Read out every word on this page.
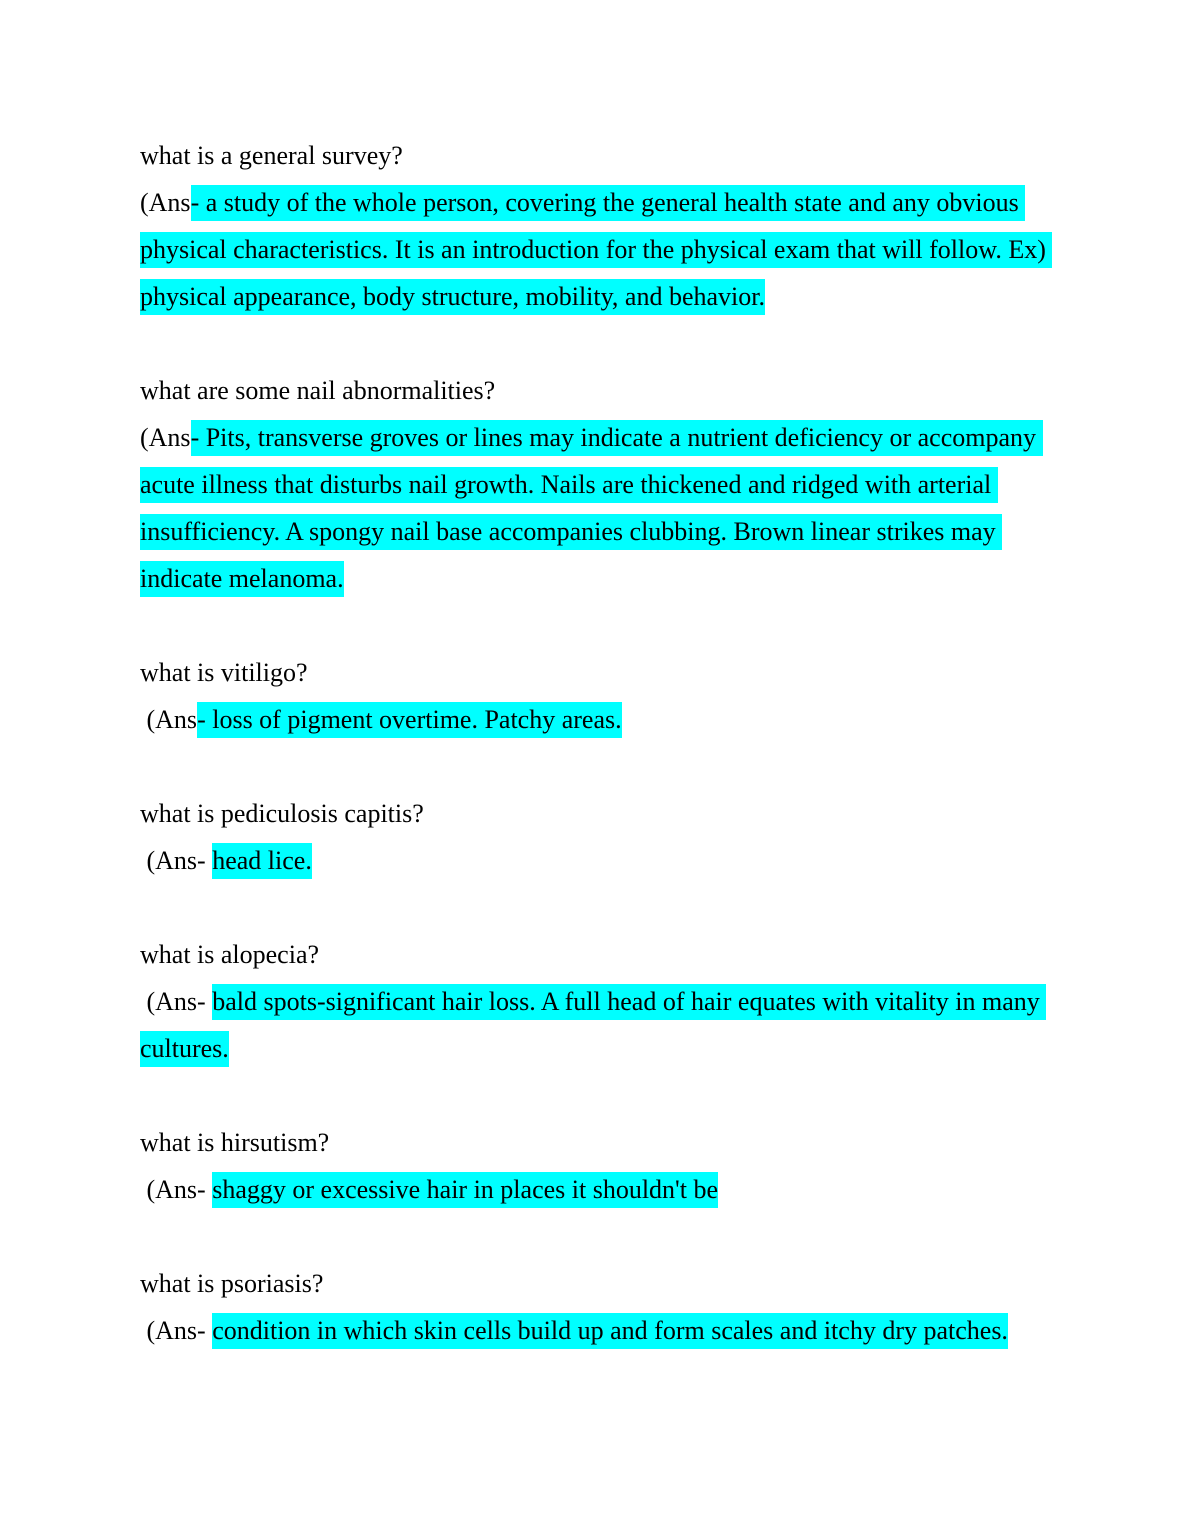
what is a general survey?
(Ans- a study of the whole person, covering the general health state and any obvious physical characteristics. It is an introduction for the physical exam that will follow. Ex) physical appearance, body structure, mobility, and behavior.
what are some nail abnormalities?
(Ans- Pits, transverse groves or lines may indicate a nutrient deficiency or accompany acute illness that disturbs nail growth. Nails are thickened and ridged with arterial insufficiency. A spongy nail base accompanies clubbing. Brown linear strikes may indicate melanoma.
what is vitiligo?
(Ans- loss of pigment overtime. Patchy areas.
what is pediculosis capitis?
(Ans- head lice.
what is alopecia?
(Ans- bald spots-significant hair loss. A full head of hair equates with vitality in many cultures.
what is hirsutism?
(Ans- shaggy or excessive hair in places it shouldn't be
what is psoriasis?
(Ans- condition in which skin cells build up and form scales and itchy dry patches.
